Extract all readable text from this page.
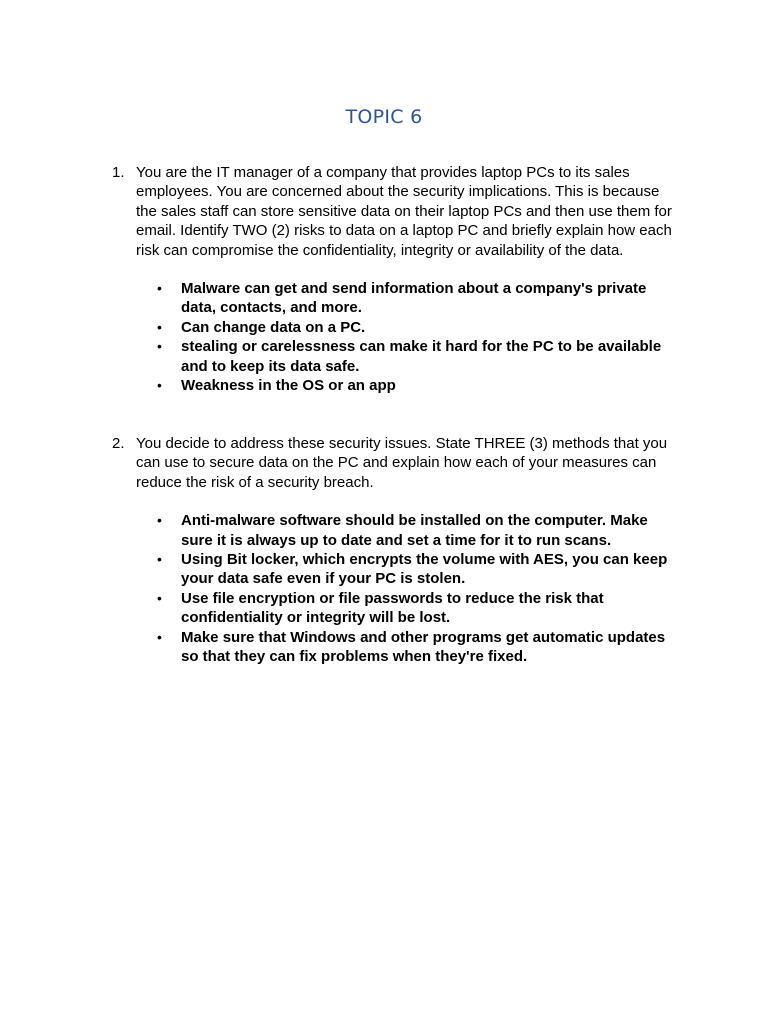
TOPIC 6
1. You are the IT manager of a company that provides laptop PCs to its sales employees. You are concerned about the security implications. This is because the sales staff can store sensitive data on their laptop PCs and then use them for email. Identify TWO (2) risks to data on a laptop PC and briefly explain how each risk can compromise the confidentiality, integrity or availability of the data.

• Malware can get and send information about a company's private data, contacts, and more.
• Can change data on a PC.
• stealing or carelessness can make it hard for the PC to be available and to keep its data safe.
• Weakness in the OS or an app
2. You decide to address these security issues. State THREE (3) methods that you can use to secure data on the PC and explain how each of your measures can reduce the risk of a security breach.

• Anti-malware software should be installed on the computer. Make sure it is always up to date and set a time for it to run scans.
• Using Bit locker, which encrypts the volume with AES, you can keep your data safe even if your PC is stolen.
• Use file encryption or file passwords to reduce the risk that confidentiality or integrity will be lost.
• Make sure that Windows and other programs get automatic updates so that they can fix problems when they're fixed.
